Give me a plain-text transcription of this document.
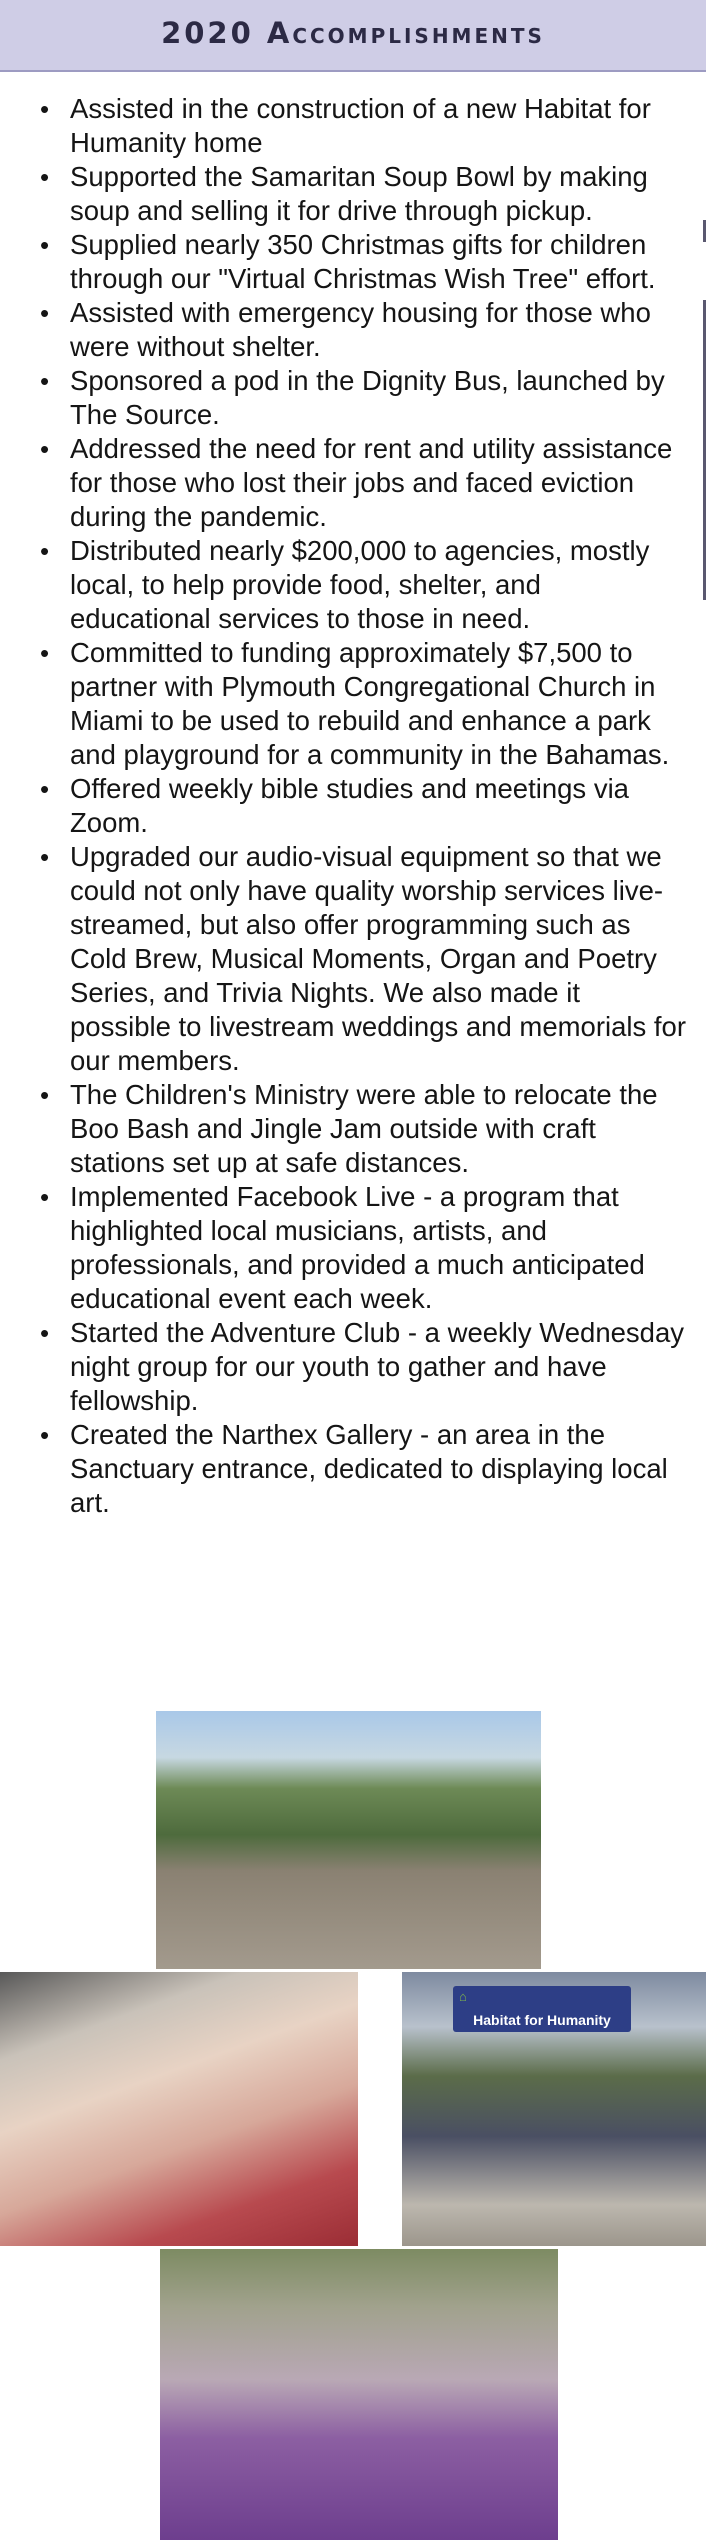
2020 Accomplishments
• Assisted in the construction of a new Habitat for Humanity home
• Supported the Samaritan Soup Bowl by making soup and selling it for drive through pickup.
• Supplied nearly 350 Christmas gifts for children through our "Virtual Christmas Wish Tree" effort.
• Assisted with emergency housing for those who were without shelter.
• Sponsored a pod in the Dignity Bus, launched by The Source.
• Addressed the need for rent and utility assistance for those who lost their jobs and faced eviction during the pandemic.
• Distributed nearly $200,000 to agencies, mostly local, to help provide food, shelter, and educational services to those in need.
• Committed to funding approximately $7,500 to partner with Plymouth Congregational Church in Miami to be used to rebuild and enhance a park and playground for a community in the Bahamas.
• Offered weekly bible studies and meetings via Zoom.
• Upgraded our audio-visual equipment so that we could not only have quality worship services live-streamed, but also offer programming such as Cold Brew, Musical Moments, Organ and Poetry Series, and Trivia Nights. We also made it possible to livestream weddings and memorials for our members.
• The Children's Ministry were able to relocate the Boo Bash and Jingle Jam outside with craft stations set up at safe distances.
• Implemented Facebook Live - a program that highlighted local musicians, artists, and professionals, and provided a much anticipated educational event each week.
• Started the Adventure Club - a weekly Wednesday night group for our youth to gather and have fellowship.
• Created the Narthex Gallery - an area in the Sanctuary entrance, dedicated to displaying local art.
⌂
Habitat for Humanity
